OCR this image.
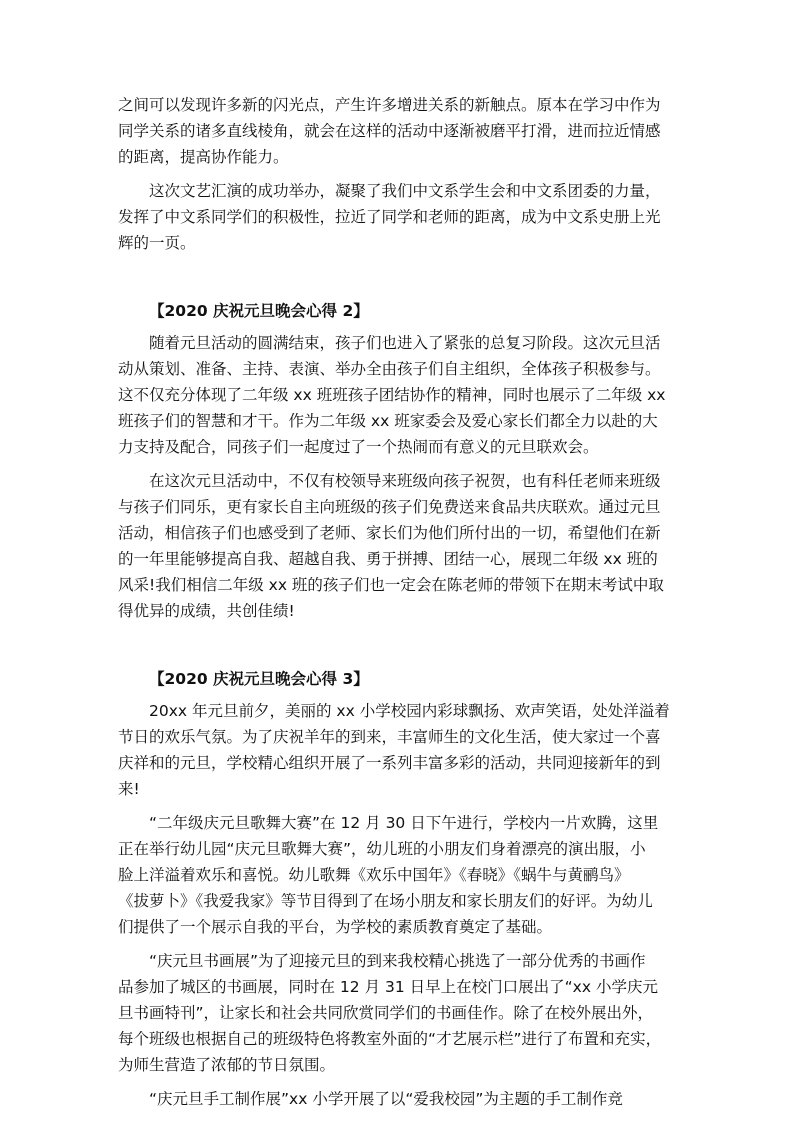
之间可以发现许多新的闪光点，产生许多增进关系的新触点。原本在学习中作为

同学关系的诸多直线棱角，就会在这样的活动中逐渐被磨平打滑，进而拉近情感

的距离，提高协作能力。

这次文艺汇演的成功举办，凝聚了我们中文系学生会和中文系团委的力量，

发挥了中文系同学们的积极性，拉近了同学和老师的距离，成为中文系史册上光

辉的一页。

【2020 庆祝元旦晚会心得 2】

随着元旦活动的圆满结束，孩子们也进入了紧张的总复习阶段。这次元旦活

动从策划、准备、主持、表演、举办全由孩子们自主组织，全体孩子积极参与。

这不仅充分体现了二年级 xx 班班孩子团结协作的精神，同时也展示了二年级 xx

班孩子们的智慧和才干。作为二年级 xx 班家委会及爱心家长们都全力以赴的大

力支持及配合，同孩子们一起度过了一个热闹而有意义的元旦联欢会。

在这次元旦活动中，不仅有校领导来班级向孩子祝贺，也有科任老师来班级

与孩子们同乐，更有家长自主向班级的孩子们免费送来食品共庆联欢。通过元旦

活动，相信孩子们也感受到了老师、家长们为他们所付出的一切，希望他们在新

的一年里能够提高自我、超越自我、勇于拼搏、团结一心，展现二年级 xx 班的

风采!我们相信二年级 xx 班的孩子们也一定会在陈老师的带领下在期末考试中取

得优异的成绩，共创佳绩!

【2020 庆祝元旦晚会心得 3】

20xx 年元旦前夕，美丽的 xx 小学校园内彩球飘扬、欢声笑语，处处洋溢着

节日的欢乐气氛。为了庆祝羊年的到来，丰富师生的文化生活，使大家过一个喜

庆祥和的元旦，学校精心组织开展了一系列丰富多彩的活动，共同迎接新年的到

来!

“二年级庆元旦歌舞大赛”在 12 月 30 日下午进行，学校内一片欢腾，这里

正在举行幼儿园“庆元旦歌舞大赛”，幼儿班的小朋友们身着漂亮的演出服，小

脸上洋溢着欢乐和喜悦。幼儿歌舞《欢乐中国年》《春晓》《蜗牛与黄鹂鸟》

《拔萝卜》《我爱我家》等节目得到了在场小朋友和家长朋友们的好评。为幼儿

们提供了一个展示自我的平台，为学校的素质教育奠定了基础。

“庆元旦书画展”为了迎接元旦的到来我校精心挑选了一部分优秀的书画作

品参加了城区的书画展，同时在 12 月 31 日早上在校门口展出了“xx 小学庆元

旦书画特刊”，让家长和社会共同欣赏同学们的书画佳作。除了在校外展出外，

每个班级也根据自己的班级特色将教室外面的“才艺展示栏”进行了布置和充实，

为师生营造了浓郁的节日氛围。

“庆元旦手工制作展”xx 小学开展了以“爱我校园”为主题的手工制作竞
